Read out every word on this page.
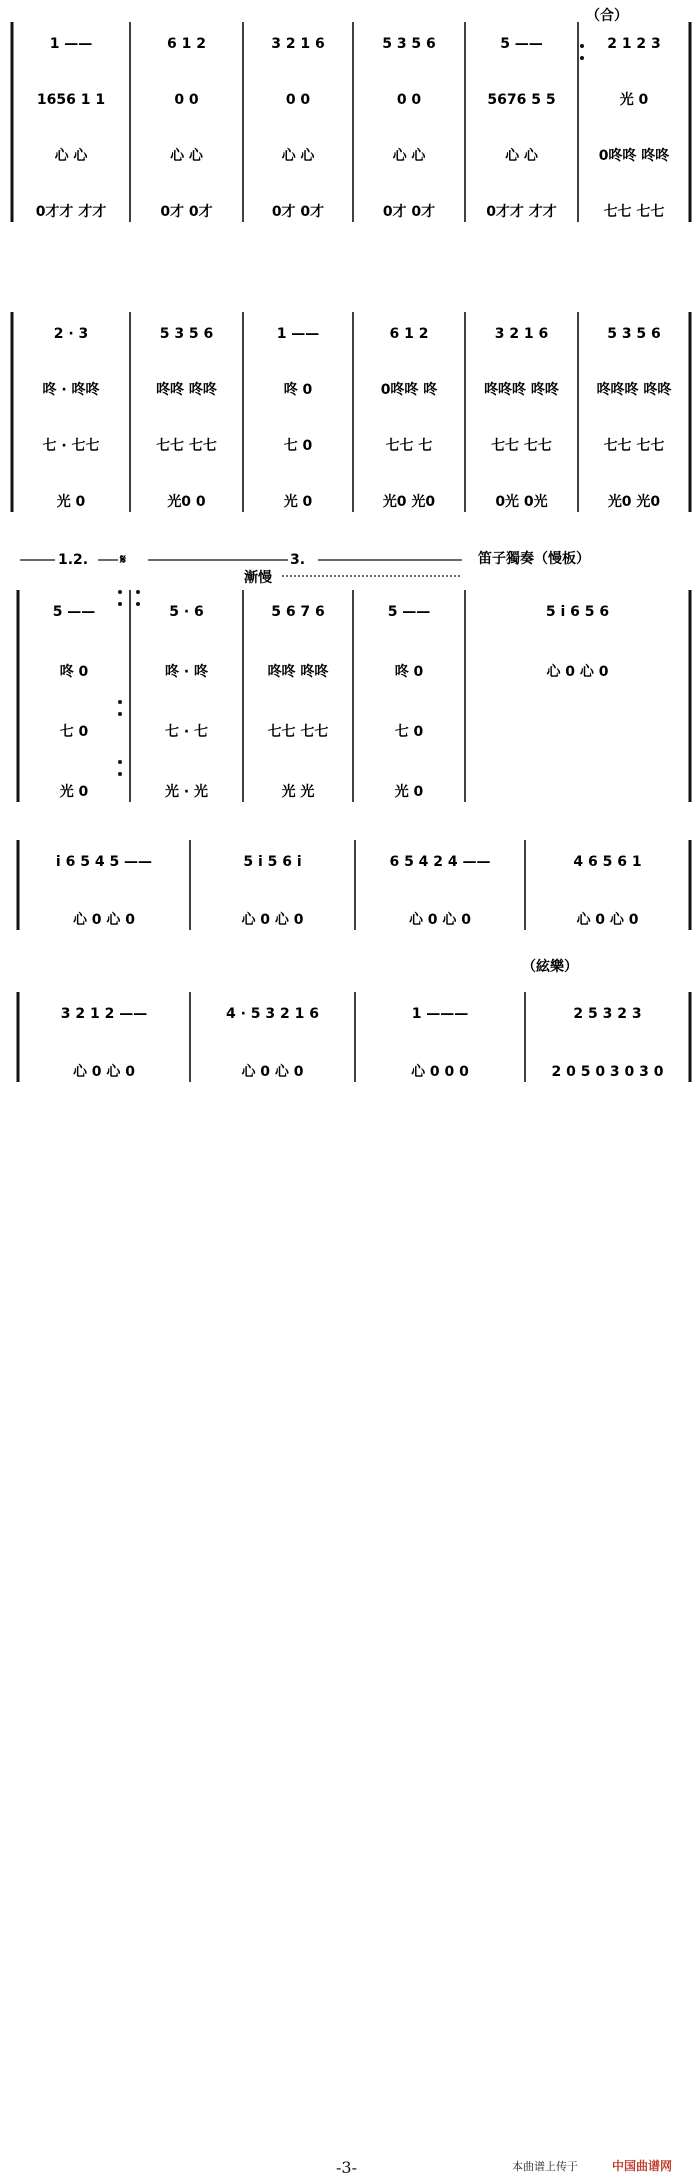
（合）
漸慢
笛子獨奏（慢板）
（絃樂）
1.2. 𝄋	3.
1 ——	6 1 2	3 2 1 6	5 3 5 6	5 ——	2 1 2 3
1656 1 1	0 0	0 0	0 0	5676 5 5	光 0
心 心	心 心	心 心	心 心	心 心	0咚咚 咚咚
0才才 才才	0才 0才	0才 0才	0才 0才	0才才 才才	七七 七七
2 · 3	5 3 5 6	1 ——	6 1 2	3 2 1 6	5 3 5 6
咚 · 咚咚	咚咚 咚咚	咚 0	0咚咚 咚	咚咚咚 咚咚	咚咚咚 咚咚
七 · 七七	七七 七七	七 0	七七 七	七七 七七	七七 七七
光 0	光0 0	光 0	光0 光0	0光 0光	光0 光0
5 ——	5 · 6	5 6 7 6	5 ——	5 i 6 5 6
咚 0	咚 · 咚	咚咚 咚咚	咚 0	心 0 心 0
七 0	七 · 七	七七 七七	七 0
光 0	光 · 光	光 光	光 0
i 6 5 4 5 ——	5 i 5 6 i	6 5 4 2 4 ——	4 6 5 6 1
心 0 心 0	心 0 心 0	心 0 心 0	心 0 心 0
3 2 1 2 ——	4 · 5 3 2 1 6	1 ———	2 5 3 2 3
心 0 心 0	心 0 心 0	心 0 0 0	2 0 5 0 3 0 3 0
-3-	本曲谱上传于	中国曲谱网
